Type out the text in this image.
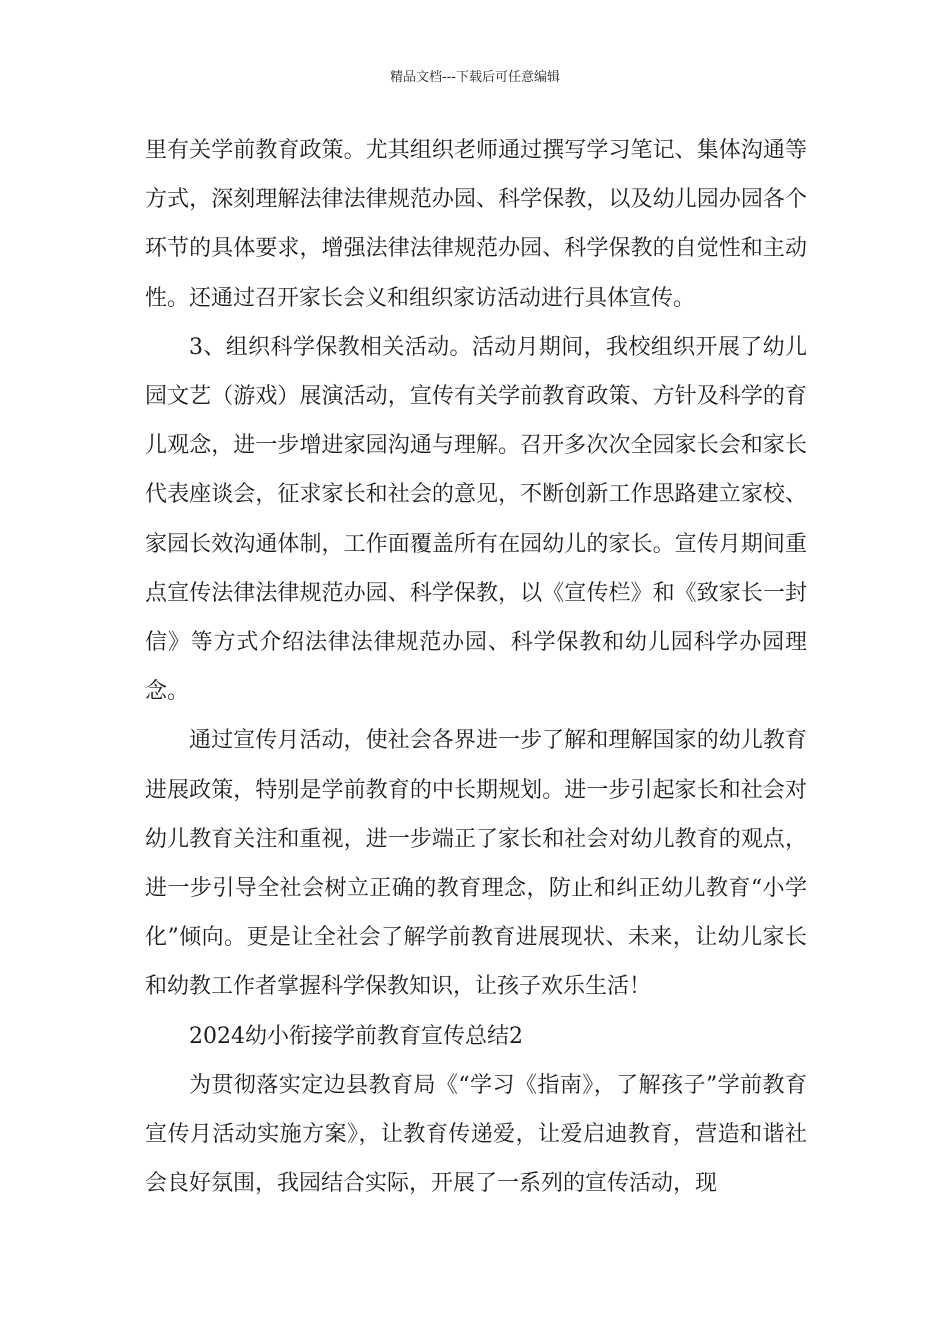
精品文档---下载后可任意编辑

里有关学前教育政策。尤其组织老师通过撰写学习笔记、集体沟通等方式，深刻理解法律法律规范办园、科学保教，以及幼儿园办园各个环节的具体要求，增强法律法律规范办园、科学保教的自觉性和主动性。还通过召开家长会义和组织家访活动进行具体宣传。

3、组织科学保教相关活动。活动月期间，我校组织开展了幼儿园文艺（游戏）展演活动，宣传有关学前教育政策、方针及科学的育儿观念，进一步增进家园沟通与理解。召开多次次全园家长会和家长代表座谈会，征求家长和社会的意见，不断创新工作思路建立家校、家园长效沟通体制，工作面覆盖所有在园幼儿的家长。宣传月期间重点宣传法律法律规范办园、科学保教，以《宣传栏》和《致家长一封信》等方式介绍法律法律规范办园、科学保教和幼儿园科学办园理念。

通过宣传月活动，使社会各界进一步了解和理解国家的幼儿教育进展政策，特别是学前教育的中长期规划。进一步引起家长和社会对幼儿教育关注和重视，进一步端正了家长和社会对幼儿教育的观点，进一步引导全社会树立正确的教育理念，防止和纠正幼儿教育“小学化”倾向。更是让全社会了解学前教育进展现状、未来，让幼儿家长和幼教工作者掌握科学保教知识，让孩子欢乐生活！

2024幼小衔接学前教育宣传总结2

为贯彻落实定边县教育局《“学习《指南》，了解孩子”学前教育宣传月活动实施方案》，让教育传递爱，让爱启迪教育，营造和谐社会良好氛围，我园结合实际，开展了一系列的宣传活动，现
